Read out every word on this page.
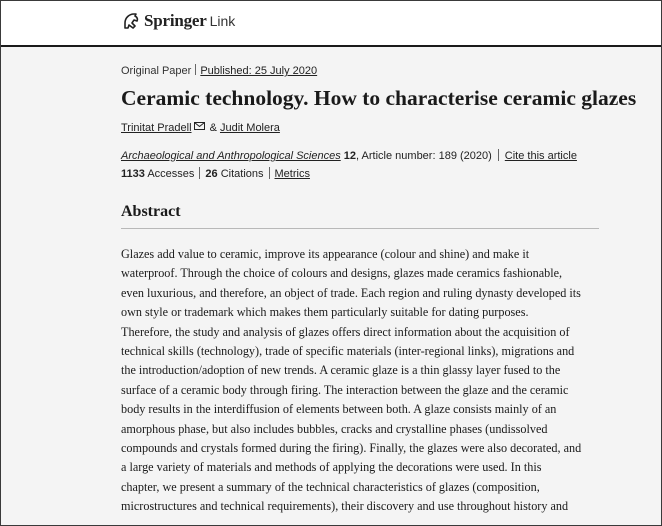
Springer Link
Original Paper Published: 25 July 2020
Ceramic technology. How to characterise ceramic glazes
Trinitat Pradell & Judit Molera
Archaeological and Anthropological Sciences 12, Article number: 189 (2020) Cite this article
1133 Accesses 26 Citations Metrics
Abstract
Glazes add value to ceramic, improve its appearance (colour and shine) and make it
waterproof. Through the choice of colours and designs, glazes made ceramics fashionable,
even luxurious, and therefore, an object of trade. Each region and ruling dynasty developed its
own style or trademark which makes them particularly suitable for dating purposes.
Therefore, the study and analysis of glazes offers direct information about the acquisition of
technical skills (technology), trade of specific materials (inter-regional links), migrations and
the introduction/adoption of new trends. A ceramic glaze is a thin glassy layer fused to the
surface of a ceramic body through firing. The interaction between the glaze and the ceramic
body results in the interdiffusion of elements between both. A glaze consists mainly of an
amorphous phase, but also includes bubbles, cracks and crystalline phases (undissolved
compounds and crystals formed during the firing). Finally, the glazes were also decorated, and
a large variety of materials and methods of applying the decorations were used. In this
chapter, we present a summary of the technical characteristics of glazes (composition,
microstructures and technical requirements), their discovery and use throughout history and
